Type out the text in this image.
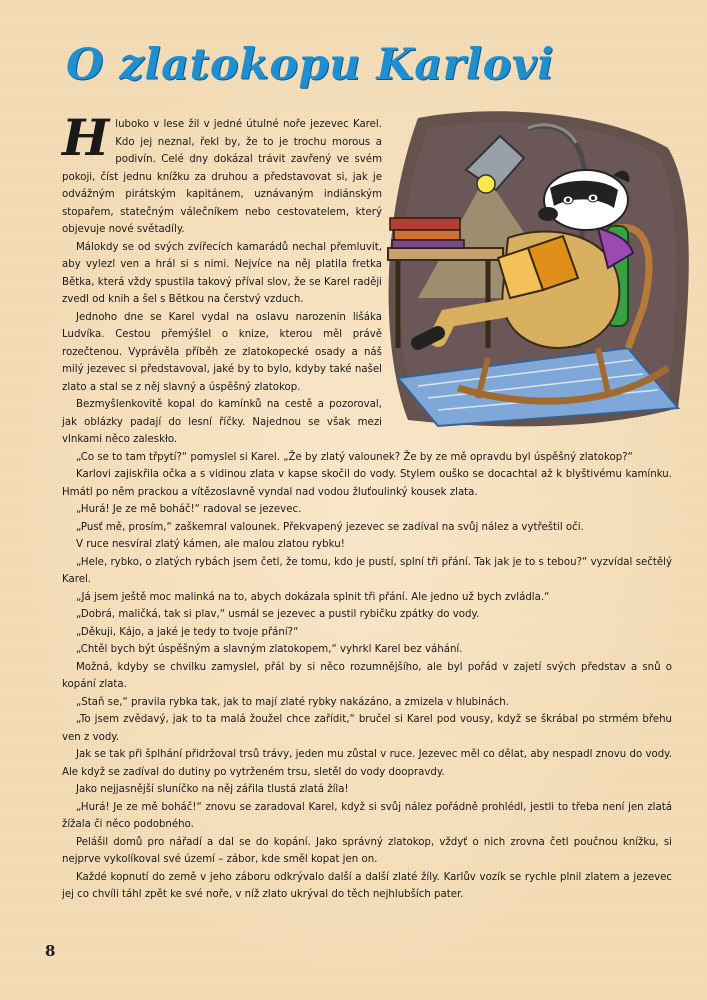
O zlatokopu Karlovi
H luboko v lese žil v jedné útulné noře jezevec Karel. Kdo jej neznal, řekl by, že to je trochu morous a podivín. Celé dny dokázal trávit zavřený ve svém pokoji, číst jednu knížku za druhou a představovat si, jak je odvážným pirátským kapitánem, uznávaným indiánským stopařem, statečným válečníkem nebo cestovatelem, který objevuje nové světadíly.

Málokdy se od svých zvířecích kamarádů nechal přemluvit, aby vylezl ven a hrál si s nimi. Nejvíce na něj platila fretka Bětka, která vždy spustila takový příval slov, že se Karel raději zvedl od knih a šel s Bětkou na čerstvý vzduch.

Jednoho dne se Karel vydal na oslavu narozenin lišáka Ludvíka. Cestou přemýšlel o knize, kterou měl právě rozečtenou. Vyprávěla příběh ze zlatokopecké osady a náš milý jezevec si představoval, jaké by to bylo, kdyby také našel zlato a stal se z něj slavný a úspěšný zlatokop.

Bezmyšlenkovitě kopal do kamínků na cestě a pozoroval, jak oblázky padají do lesní říčky. Najednou se však mezi vlnkami něco zaleskło.

„Co se to tam třpytí?“ pomyslel si Karel. „Že by zlatý valounek? Že by ze mě opravdu byl úspěšný zlatokop?“

Karlovi zajiskřila očka a s vidinou zlata v kapse skočil do vody. Stylem ouško se docachtal až k blyštivému kamínku. Hmátl po něm prackou a vítězoslavně vyndal nad vodou žluťoulinký kousek zlata.

„Hurá! Je ze mě boháč!“ radoval se jezevec.

„Pusť mě, prosím,“ zaškemral valounek. Překvapený jezevec se zadíval na svůj nález a vytřeštil oči.

V ruce nesvíral zlatý kámen, ale malou zlatou rybku!

„Hele, rybko, o zlatých rybách jsem četl, že tomu, kdo je pustí, splní tři přání. Tak jak je to s tebou?“ vyzvídal sečtělý Karel.

„Já jsem ještě moc malinká na to, abych dokázala splnit tři přání. Ale jedno už bych zvládla.“

„Dobrá, maličká, tak si plav,“ usmál se jezevec a pustil rybičku zpátky do vody.

„Děkuji, Kájo, a jaké je tedy to tvoje přání?“

„Chtěl bych být úspěšným a slavným zlatokopem,“ vyhrkl Karel bez váhání.

Možná, kdyby se chvilku zamyslel, přál by si něco rozumnějšího, ale byl pořád v zajetí svých představ a snů o kopání zlata.

„Staň se,“ pravila rybka tak, jak to mají zlaté rybky nakázáno, a zmizela v hlubinách.

„To jsem zvědavý, jak to ta malá žoužel chce zařídit,“ bručel si Karel pod vousy, když se škrábal po strmém břehu ven z vody.

Jak se tak při šplhání přidržoval trsů trávy, jeden mu zůstal v ruce. Jezevec měl co dělat, aby nespadl znovu do vody. Ale když se zadíval do dutiny po vytrženém trsu, sletěl do vody doopravdy.

Jako nejjasnější sluníčko na něj zářila tlustá zlatá žíla!

„Hurá! Je ze mě boháč!“ znovu se zaradoval Karel, když si svůj nález pořádně prohlédl, jestli to třeba není jen zlatá žížala či něco podobného.

Pelášil domů pro nářadí a dal se do kopání. Jako správný zlatokop, vždyť o nich zrovna četl poučnou knížku, si nejprve vykolíkoval své území – zábor, kde směl kopat jen on.

Každé kopnutí do země v jeho záboru odkrývalo další a další zlaté žíly. Karlův vozík se rychle plnil zlatem a jezevec jej co chvíli táhl zpět ke své noře, v níž zlato ukrýval do těch nejhlubších pater.

8
